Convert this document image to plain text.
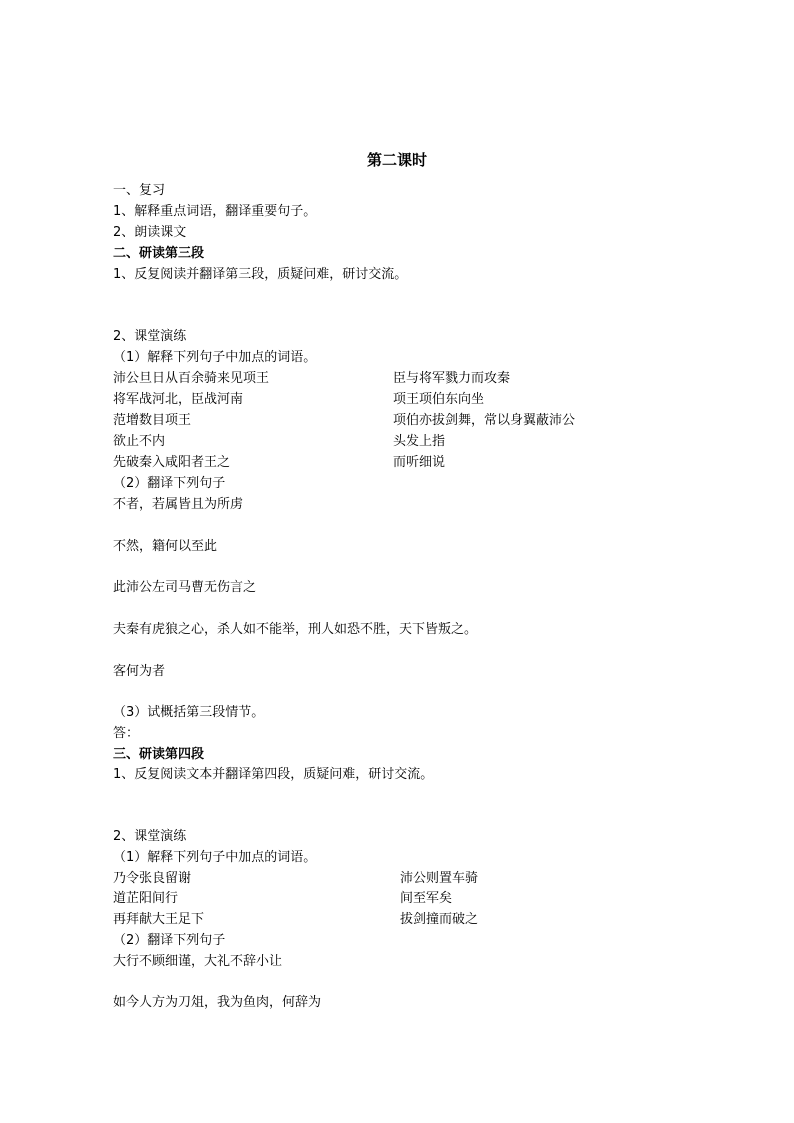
第二课时
一、复习
1、解释重点词语，翻译重要句子。
2、朗读课文
二、研读第三段
1、反复阅读并翻译第三段，质疑问难，研讨交流。
2、课堂演练
（1）解释下列句子中加点的词语。
沛公旦日从百余骑来见项王	臣与将军戮力而攻秦
将军战河北，臣战河南	项王项伯东向坐
范增数目项王	项伯亦拔剑舞，常以身翼蔽沛公
欲止不内	头发上指
先破秦入咸阳者王之	而听细说
（2）翻译下列句子
不者，若属皆且为所虏
不然，籍何以至此
此沛公左司马曹无伤言之
夫秦有虎狼之心，杀人如不能举，刑人如恐不胜，天下皆叛之。
客何为者
（3）试概括第三段情节。
答：
三、研读第四段
1、反复阅读文本并翻译第四段，质疑问难，研讨交流。
2、课堂演练
（1）解释下列句子中加点的词语。
乃令张良留谢	沛公则置车骑
道芷阳间行	间至军矣
再拜献大王足下	拔剑撞而破之
（2）翻译下列句子
大行不顾细谨，大礼不辞小让
如今人方为刀俎，我为鱼肉，何辞为
